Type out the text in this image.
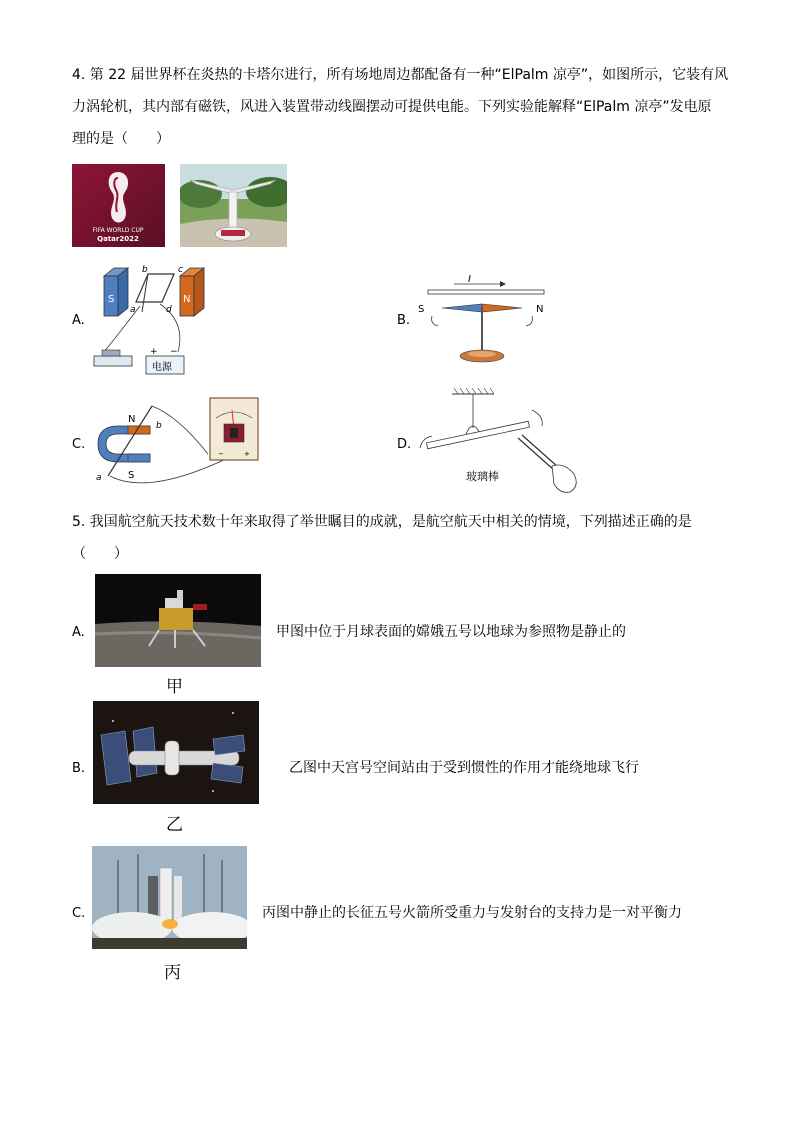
4. 第 22 届世界杯在炎热的卡塔尔进行，所有场地周边都配备有一种“ElPalm 凉亭”，如图所示，它装有风
力涡轮机，其内部有磁铁，风进入装置带动线圈摆动可提供电能。下列实验能解释“ElPalm 凉亭”发电原
理的是（　　）
FIFA WORLD CUP
Qatar2022
A.
S	N
b	c
a	d
+ −
电源
B.
I
S	N
C.
N
S
a
b
−	+
D.
玻璃棒
5. 我国航空航天技术数十年来取得了举世瞩目的成就，是航空航天中相关的情境，下列描述正确的是
（　　）
A.	甲图中位于月球表面的嫦娥五号以地球为参照物是静止的
甲
B.	乙图中天宫号空间站由于受到惯性的作用才能绕地球飞行
乙
C.	丙图中静止的长征五号火箭所受重力与发射台的支持力是一对平衡力
丙
